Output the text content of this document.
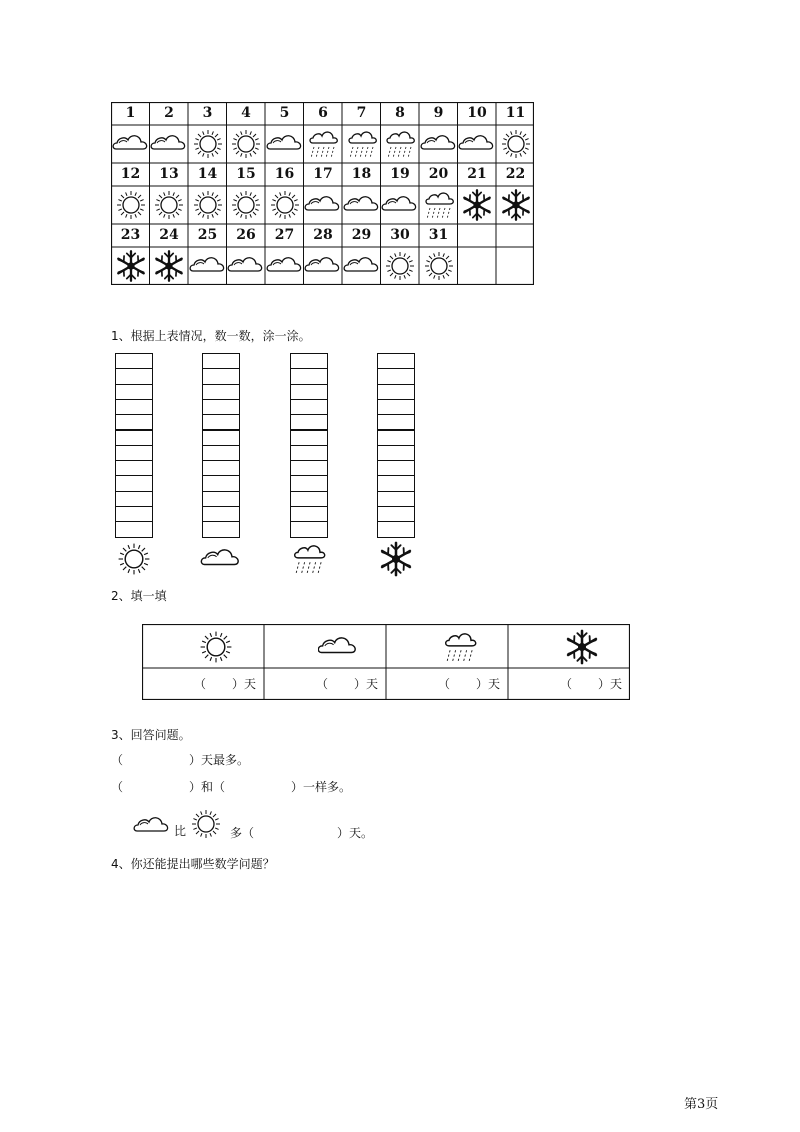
1	2	3	4	5	6	7	8	9	10	11
12	13	14	15	16	17	18	19	20	21	22
23	24	25	26	27	28	29	30	31
1、根据上表情况，数一数，涂一涂。
2、填一填
（ ）天	（ ）天	（ ）天	（ ）天
3、回答问题。
（	）天最多。
（	）和（	）一样多。
比	多（	）天。
4、你还能提出哪些数学问题？
第3页
